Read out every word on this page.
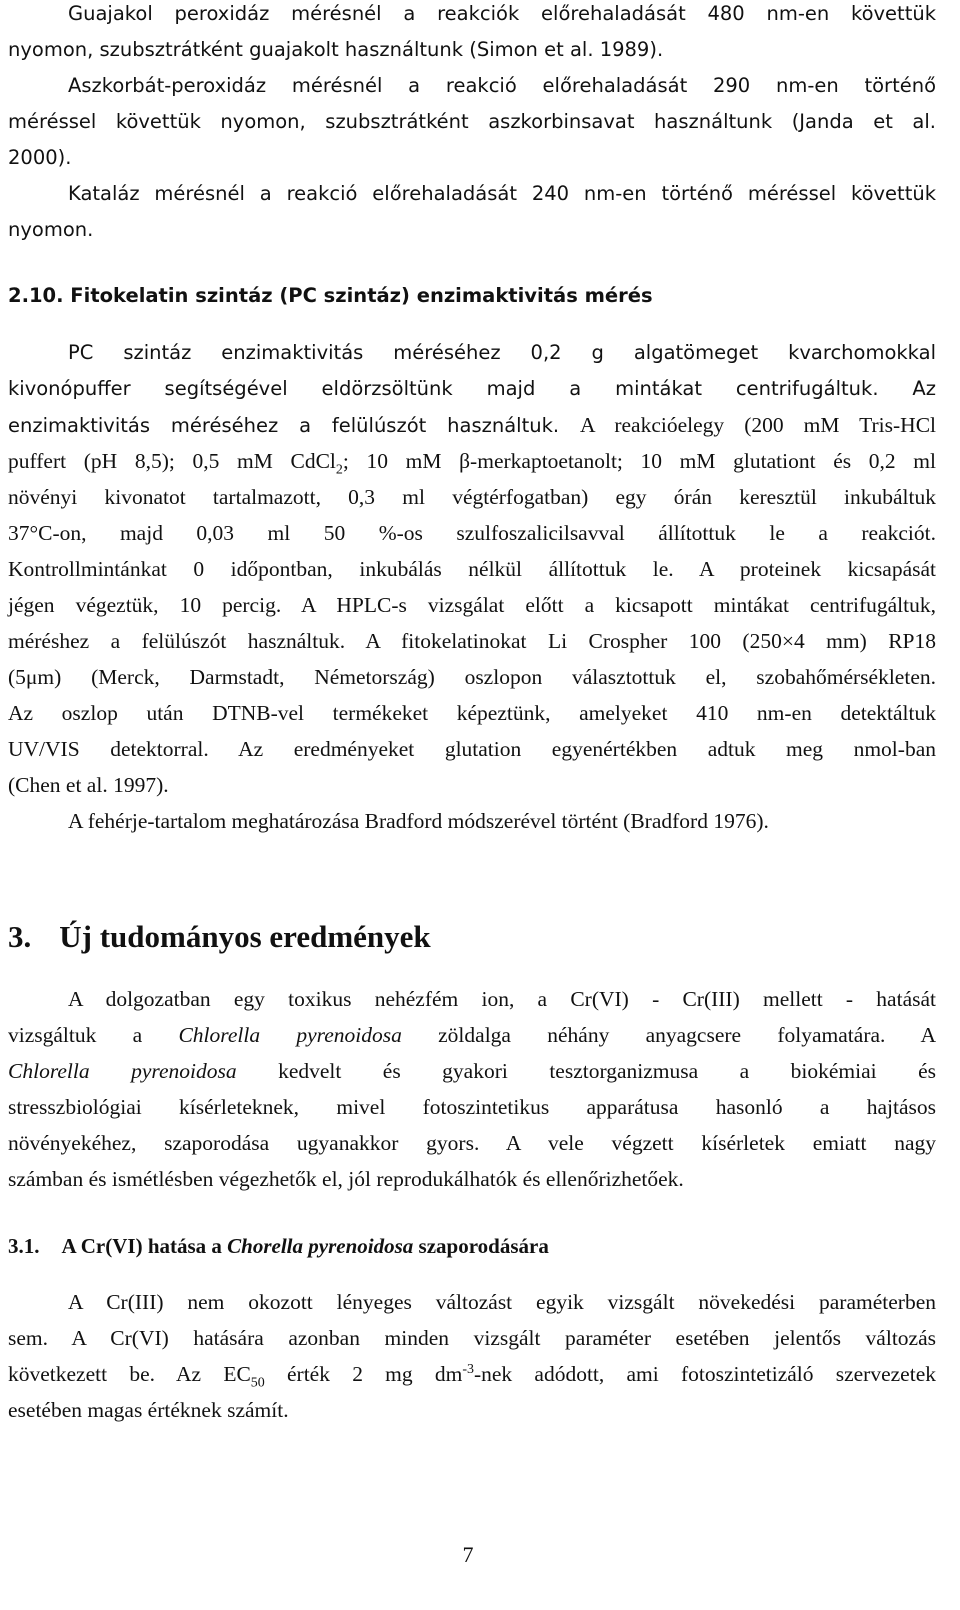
Guajakol peroxidáz mérésnél a reakciók előrehaladását 480 nm-en követtük
nyomon, szubsztrátként guajakolt használtunk (Simon et al. 1989).
Aszkorbát-peroxidáz mérésnél a reakció előrehaladását 290 nm-en történő
méréssel követtük nyomon, szubsztrátként aszkorbinsavat használtunk (Janda et al.
2000).
Kataláz mérésnél a reakció előrehaladását 240 nm-en történő méréssel követtük
nyomon.
2.10. Fitokelatin szintáz (PC szintáz) enzimaktivitás mérés
PC szintáz enzimaktivitás méréséhez 0,2 g algatömeget kvarchomokkal
kivonópuffer segítségével eldörzsöltünk majd a mintákat centrifugáltuk. Az
enzimaktivitás méréséhez a felülúszót használtuk. A reakcióelegy (200 mM Tris-HCl
puffert (pH 8,5); 0,5 mM CdCl$_2$; 10 mM β-merkaptoetanolt; 10 mM glutationt és 0,2 ml
növényi kivonatot tartalmazott, 0,3 ml végtérfogatban) egy órán keresztül inkubáltuk
37°C-on, majd 0,03 ml 50 %-os szulfoszalicilsavval állítottuk le a reakciót.
Kontrollmintánkat 0 időpontban, inkubálás nélkül állítottuk le. A proteinek kicsapását
jégen végeztük, 10 percig. A HPLC-s vizsgálat előtt a kicsapott mintákat centrifugáltuk,
méréshez a felülúszót használtuk. A fitokelatinokat Li Crospher 100 (250×4 mm) RP18
(5μm) (Merck, Darmstadt, Németország) oszlopon választottuk el, szobahőmérsékleten.
Az oszlop után DTNB-vel termékeket képeztünk, amelyeket 410 nm-en detektáltuk
UV/VIS detektorral. Az eredményeket glutation egyenértékben adtuk meg nmol-ban
(Chen et al. 1997).
A fehérje-tartalom meghatározása Bradford módszerével történt (Bradford 1976).
3. Új tudományos eredmények
A dolgozatban egy toxikus nehézfém ion, a Cr(VI) - Cr(III) mellett - hatását
vizsgáltuk a Chlorella pyrenoidosa zöldalga néhány anyagcsere folyamatára. A
Chlorella pyrenoidosa kedvelt és gyakori tesztorganizmusa a biokémiai és
stresszbiológiai kísérleteknek, mivel fotoszintetikus apparátusa hasonló a hajtásos
növényekéhez, szaporodása ugyanakkor gyors. A vele végzett kísérletek emiatt nagy
számban és ismétlésben végezhetők el, jól reprodukálhatók és ellenőrizhetőek.
3.1. A Cr(VI) hatása a Chorella pyrenoidosa szaporodására
A Cr(III) nem okozott lényeges változást egyik vizsgált növekedési paraméterben
sem. A Cr(VI) hatására azonban minden vizsgált paraméter esetében jelentős változás
következett be. Az $EC_{50}$ érték 2 mg $dm^{-3}$-nek adódott, ami fotoszintetizáló szervezetek
esetében magas értéknek számít.
7
